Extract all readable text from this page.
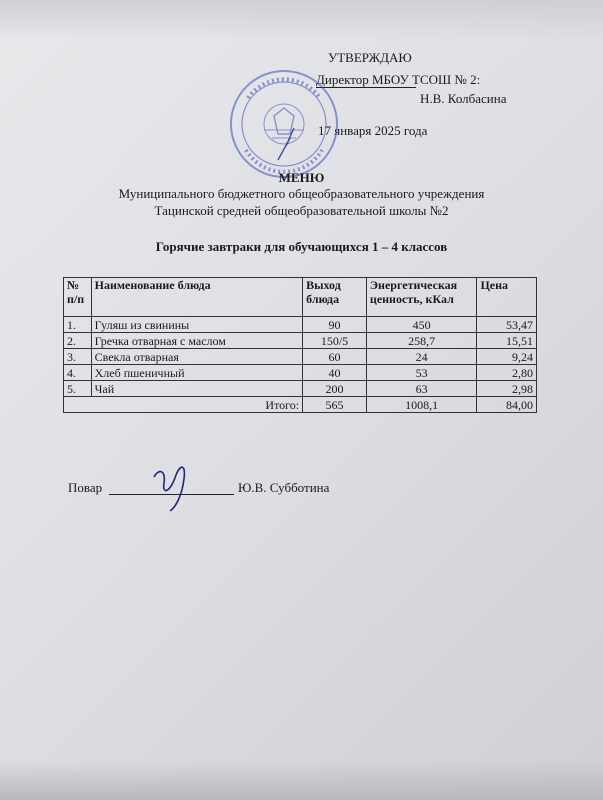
УТВЕРЖДАЮ
Директор МБОУ ТСОШ № 2:
Н.В. Колбасина
17 января 2025 года
МЕНЮ
Муниципального бюджетного общеобразовательного учреждения
Тацинской средней общеобразовательной школы №2
Горячие завтраки для обучающихся 1 – 4 классов
№ п/п	Наименование блюда	Выход блюда	Энергетическая ценность, кКал	Цена
1.	Гуляш из свинины	90	450	53,47
2.	Гречка отварная с маслом	150/5	258,7	15,51
3.	Свекла отварная	60	24	9,24
4.	Хлеб пшеничный	40	53	2,80
5.	Чай	200	63	2,98
Итого:		565	1008,1	84,00
Повар	Ю.В. Субботина
